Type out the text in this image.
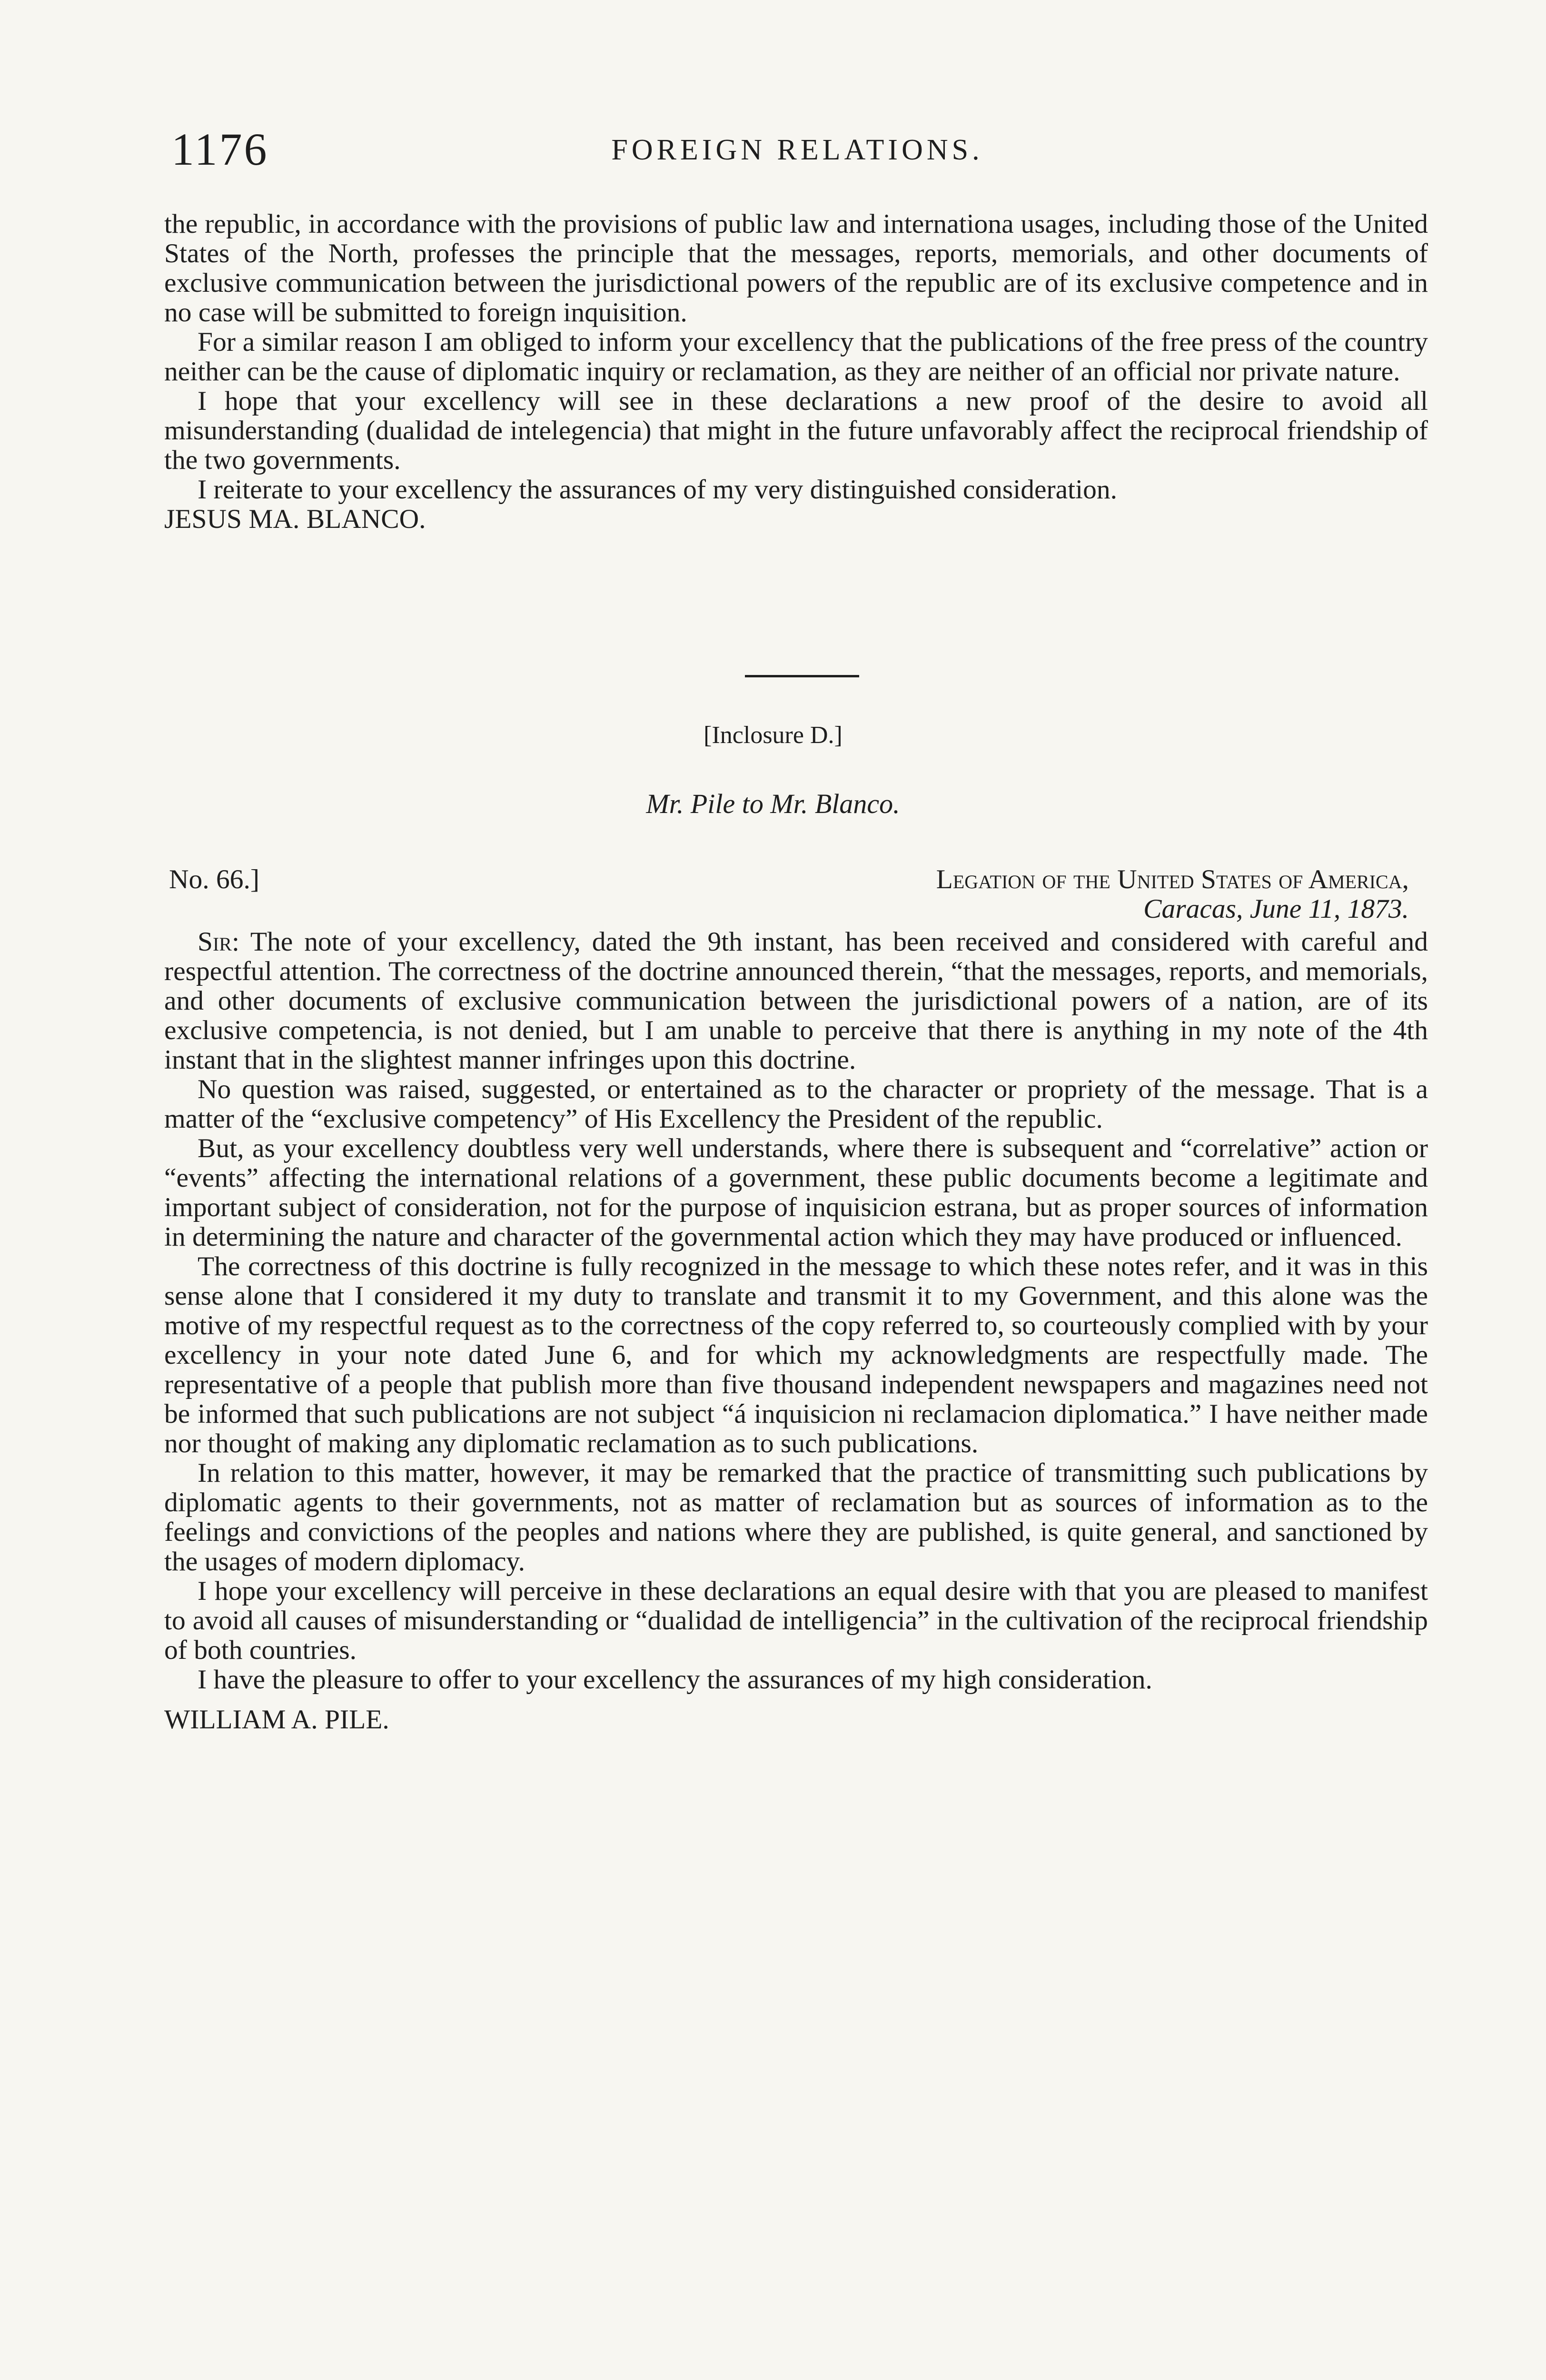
1176	FOREIGN RELATIONS.

the republic, in accordance with the provisions of public law and internationa usages, including those of the United States of the North, professes the principle that the messages, reports, memorials, and other documents of exclusive communication between the jurisdictional powers of the republic are of its exclusive competence and in no case will be submitted to foreign inquisition.

For a similar reason I am obliged to inform your excellency that the publications of the free press of the country neither can be the cause of diplomatic inquiry or reclamation, as they are neither of an official nor private nature.

I hope that your excellency will see in these declarations a new proof of the desire to avoid all misunderstanding (dualidad de intelegencia) that might in the future unfavorably affect the reciprocal friendship of the two governments.

I reiterate to your excellency the assurances of my very distinguished consideration.

JESUS MA. BLANCO.

[Inclosure D.]
Mr. Pile to Mr. Blanco.
No. 66.]	Legation of the United States of America,
Caracas, June 11, 1873.

Sir: The note of your excellency, dated the 9th instant, has been received and considered with careful and respectful attention. The correctness of the doctrine announced therein, “that the messages, reports, and memorials, and other documents of exclusive communication between the jurisdictional powers of a nation, are of its exclusive competencia, is not denied, but I am unable to perceive that there is anything in my note of the 4th instant that in the slightest manner infringes upon this doctrine.

No question was raised, suggested, or entertained as to the character or propriety of the message. That is a matter of the “exclusive competency” of His Excellency the President of the republic.

But, as your excellency doubtless very well understands, where there is subsequent and “correlative” action or “events” affecting the international relations of a government, these public documents become a legitimate and important subject of consideration, not for the purpose of inquisicion estrana, but as proper sources of information in determining the nature and character of the governmental action which they may have produced or influenced.

The correctness of this doctrine is fully recognized in the message to which these notes refer, and it was in this sense alone that I considered it my duty to translate and transmit it to my Government, and this alone was the motive of my respectful request as to the correctness of the copy referred to, so courteously complied with by your excellency in your note dated June 6, and for which my acknowledgments are respectfully made. The representative of a people that publish more than five thousand independent newspapers and magazines need not be informed that such publications are not subject “á inquisicion ni reclamacion diplomatica.” I have neither made nor thought of making any diplomatic reclamation as to such publications.

In relation to this matter, however, it may be remarked that the practice of transmitting such publications by diplomatic agents to their governments, not as matter of reclamation but as sources of information as to the feelings and convictions of the peoples and nations where they are published, is quite general, and sanctioned by the usages of modern diplomacy.

I hope your excellency will perceive in these declarations an equal desire with that you are pleased to manifest to avoid all causes of misunderstanding or “dualidad de intelligencia” in the cultivation of the reciprocal friendship of both countries.

I have the pleasure to offer to your excellency the assurances of my high consideration.

WILLIAM A. PILE.
